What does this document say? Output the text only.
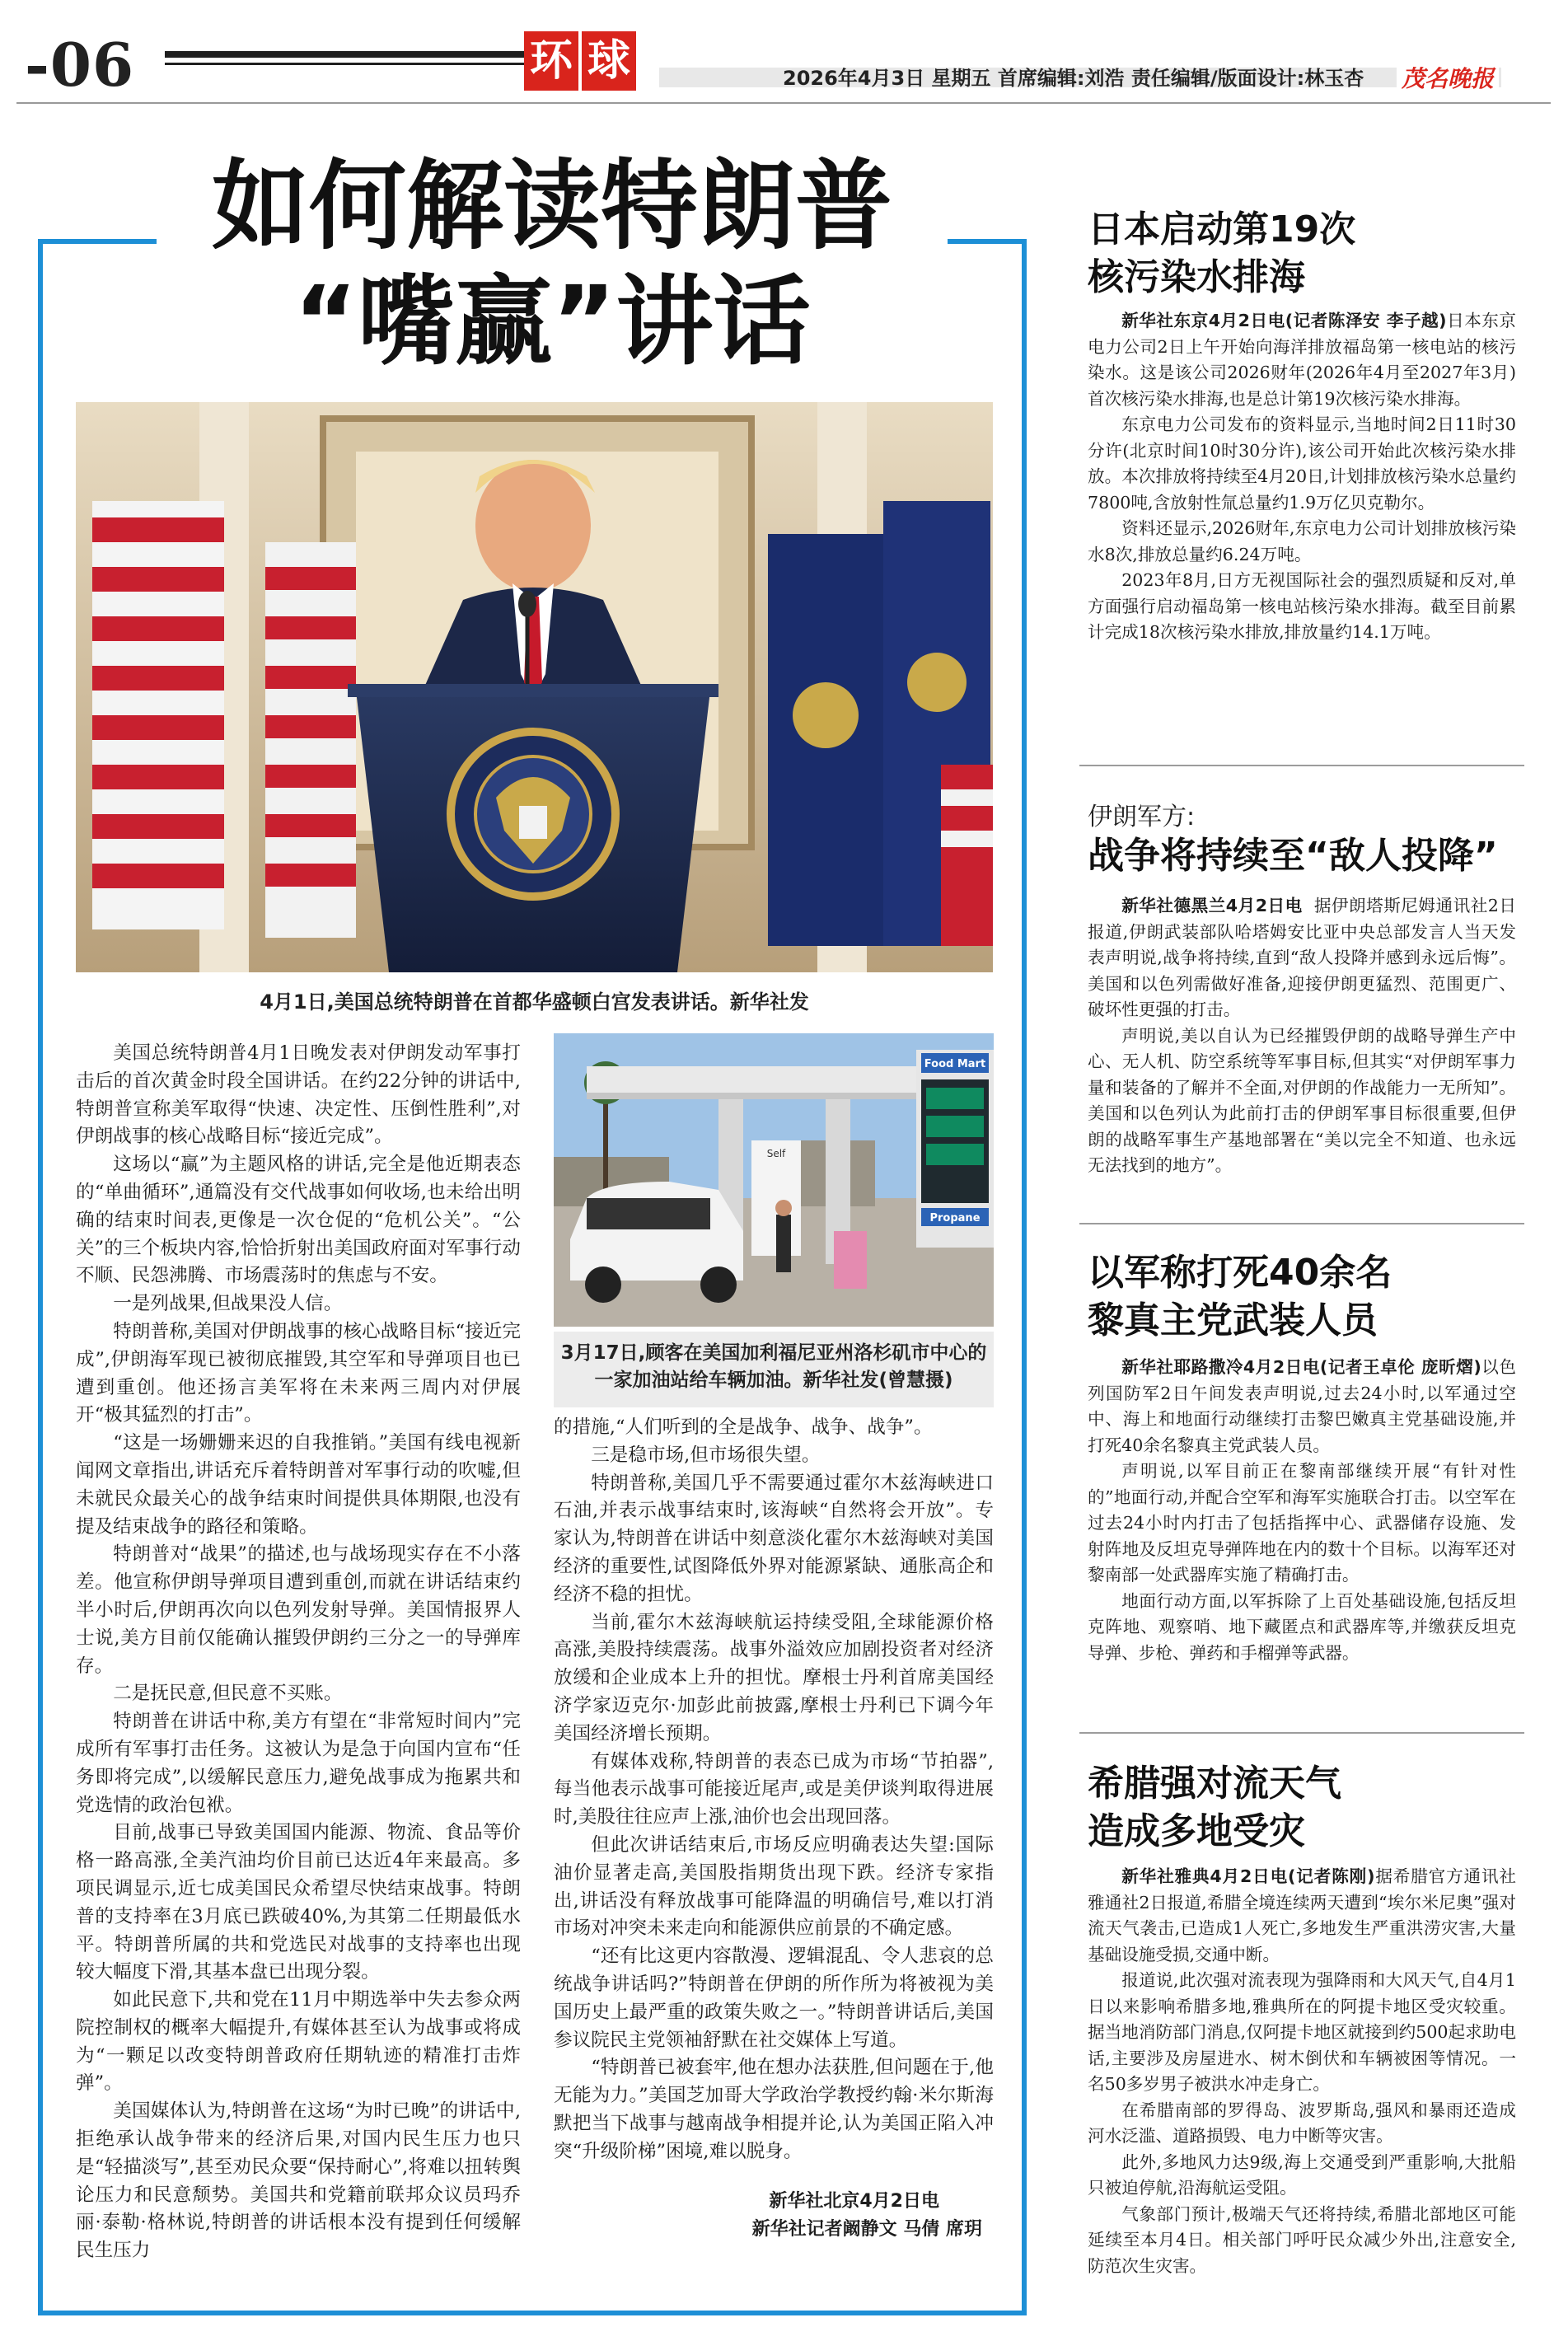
-06	环 球	2026年4月3日 星期五 首席编辑:刘浩 责任编辑/版面设计:林玉杏 茂名晚报
如何解读特朗普
“嘴赢”讲话
4月1日,美国总统特朗普在首都华盛顿白宫发表讲话。新华社发
Food Mart
Propane
Self
3月17日,顾客在美国加利福尼亚州洛杉矶市中心的一家加油站给车辆加油。新华社发(曾慧摄)

美国总统特朗普4月1日晚发表对伊朗发动军事打击后的首次黄金时段全国讲话。在约22分钟的讲话中,特朗普宣称美军取得“快速、决定性、压倒性胜利”,对伊朗战事的核心战略目标“接近完成”。

这场以“赢”为主题风格的讲话,完全是他近期表态的“单曲循环”,通篇没有交代战事如何收场,也未给出明确的结束时间表,更像是一次仓促的“危机公关”。“公关”的三个板块内容,恰恰折射出美国政府面对军事行动不顺、民怨沸腾、市场震荡时的焦虑与不安。

一是列战果,但战果没人信。

特朗普称,美国对伊朗战事的核心战略目标“接近完成”,伊朗海军现已被彻底摧毁,其空军和导弹项目也已遭到重创。他还扬言美军将在未来两三周内对伊展开“极其猛烈的打击”。

“这是一场姗姗来迟的自我推销。”美国有线电视新闻网文章指出,讲话充斥着特朗普对军事行动的吹嘘,但未就民众最关心的战争结束时间提供具体期限,也没有提及结束战争的路径和策略。

特朗普对“战果”的描述,也与战场现实存在不小落差。他宣称伊朗导弹项目遭到重创,而就在讲话结束约半小时后,伊朗再次向以色列发射导弹。美国情报界人士说,美方目前仅能确认摧毁伊朗约三分之一的导弹库存。

二是抚民意,但民意不买账。

特朗普在讲话中称,美方有望在“非常短时间内”完成所有军事打击任务。这被认为是急于向国内宣布“任务即将完成”,以缓解民意压力,避免战事成为拖累共和党选情的政治包袱。

目前,战事已导致美国国内能源、物流、食品等价格一路高涨,全美汽油均价目前已达近4年来最高。多项民调显示,近七成美国民众希望尽快结束战事。特朗普的支持率在3月底已跌破40%,为其第二任期最低水平。特朗普所属的共和党选民对战事的支持率也出现较大幅度下滑,其基本盘已出现分裂。

如此民意下,共和党在11月中期选举中失去参众两院控制权的概率大幅提升,有媒体甚至认为战事或将成为“一颗足以改变特朗普政府任期轨迹的精准打击炸弹”。

美国媒体认为,特朗普在这场“为时已晚”的讲话中,拒绝承认战争带来的经济后果,对国内民生压力也只是“轻描淡写”,甚至劝民众要“保持耐心”,将难以扭转舆论压力和民意颓势。美国共和党籍前联邦众议员玛乔丽·泰勒·格林说,特朗普的讲话根本没有提到任何缓解民生压力

的措施,“人们听到的全是战争、战争、战争”。

三是稳市场,但市场很失望。

特朗普称,美国几乎不需要通过霍尔木兹海峡进口石油,并表示战事结束时,该海峡“自然将会开放”。专家认为,特朗普在讲话中刻意淡化霍尔木兹海峡对美国经济的重要性,试图降低外界对能源紧缺、通胀高企和经济不稳的担忧。

当前,霍尔木兹海峡航运持续受阻,全球能源价格高涨,美股持续震荡。战事外溢效应加剧投资者对经济放缓和企业成本上升的担忧。摩根士丹利首席美国经济学家迈克尔·加彭此前披露,摩根士丹利已下调今年美国经济增长预期。

有媒体戏称,特朗普的表态已成为市场“节拍器”,每当他表示战事可能接近尾声,或是美伊谈判取得进展时,美股往往应声上涨,油价也会出现回落。

但此次讲话结束后,市场反应明确表达失望:国际油价显著走高,美国股指期货出现下跌。经济专家指出,讲话没有释放战事可能降温的明确信号,难以打消市场对冲突未来走向和能源供应前景的不确定感。

“还有比这更内容散漫、逻辑混乱、令人悲哀的总统战争讲话吗?”特朗普在伊朗的所作所为将被视为美国历史上最严重的政策失败之一。”特朗普讲话后,美国参议院民主党领袖舒默在社交媒体上写道。

“特朗普已被套牢,他在想办法获胜,但问题在于,他无能为力。”美国芝加哥大学政治学教授约翰·米尔斯海默把当下战事与越南战争相提并论,认为美国正陷入冲突“升级阶梯”困境,难以脱身。

新华社北京4月2日电
新华社记者阚静文 马倩 席玥
日本启动第19次
核污染水排海

新华社东京4月2日电(记者陈泽安 李子越)日本东京电力公司2日上午开始向海洋排放福岛第一核电站的核污染水。这是该公司2026财年(2026年4月至2027年3月)首次核污染水排海,也是总计第19次核污染水排海。

东京电力公司发布的资料显示,当地时间2日11时30分许(北京时间10时30分许),该公司开始此次核污染水排放。本次排放将持续至4月20日,计划排放核污染水总量约7800吨,含放射性氚总量约1.9万亿贝克勒尔。

资料还显示,2026财年,东京电力公司计划排放核污染水8次,排放总量约6.24万吨。

2023年8月,日方无视国际社会的强烈质疑和反对,单方面强行启动福岛第一核电站核污染水排海。截至目前累计完成18次核污染水排放,排放量约14.1万吨。

伊朗军方:
战争将持续至“敌人投降”

新华社德黑兰4月2日电 据伊朗塔斯尼姆通讯社2日报道,伊朗武装部队哈塔姆安比亚中央总部发言人当天发表声明说,战争将持续,直到“敌人投降并感到永远后悔”。美国和以色列需做好准备,迎接伊朗更猛烈、范围更广、破坏性更强的打击。

声明说,美以自认为已经摧毁伊朗的战略导弹生产中心、无人机、防空系统等军事目标,但其实“对伊朗军事力量和装备的了解并不全面,对伊朗的作战能力一无所知”。美国和以色列认为此前打击的伊朗军事目标很重要,但伊朗的战略军事生产基地部署在“美以完全不知道、也永远无法找到的地方”。

以军称打死40余名
黎真主党武装人员

新华社耶路撒冷4月2日电(记者王卓伦 庞昕熠)以色列国防军2日午间发表声明说,过去24小时,以军通过空中、海上和地面行动继续打击黎巴嫩真主党基础设施,并打死40余名黎真主党武装人员。

声明说,以军目前正在黎南部继续开展“有针对性的”地面行动,并配合空军和海军实施联合打击。以空军在过去24小时内打击了包括指挥中心、武器储存设施、发射阵地及反坦克导弹阵地在内的数十个目标。以海军还对黎南部一处武器库实施了精确打击。

地面行动方面,以军拆除了上百处基础设施,包括反坦克阵地、观察哨、地下藏匿点和武器库等,并缴获反坦克导弹、步枪、弹药和手榴弹等武器。

希腊强对流天气
造成多地受灾

新华社雅典4月2日电(记者陈刚)据希腊官方通讯社雅通社2日报道,希腊全境连续两天遭到“埃尔米尼奥”强对流天气袭击,已造成1人死亡,多地发生严重洪涝灾害,大量基础设施受损,交通中断。

报道说,此次强对流表现为强降雨和大风天气,自4月1日以来影响希腊多地,雅典所在的阿提卡地区受灾较重。据当地消防部门消息,仅阿提卡地区就接到约500起求助电话,主要涉及房屋进水、树木倒伏和车辆被困等情况。一名50多岁男子被洪水冲走身亡。

在希腊南部的罗得岛、波罗斯岛,强风和暴雨还造成河水泛滥、道路损毁、电力中断等灾害。

此外,多地风力达9级,海上交通受到严重影响,大批船只被迫停航,沿海航运受阻。

气象部门预计,极端天气还将持续,希腊北部地区可能延续至本月4日。相关部门呼吁民众减少外出,注意安全,防范次生灾害。
